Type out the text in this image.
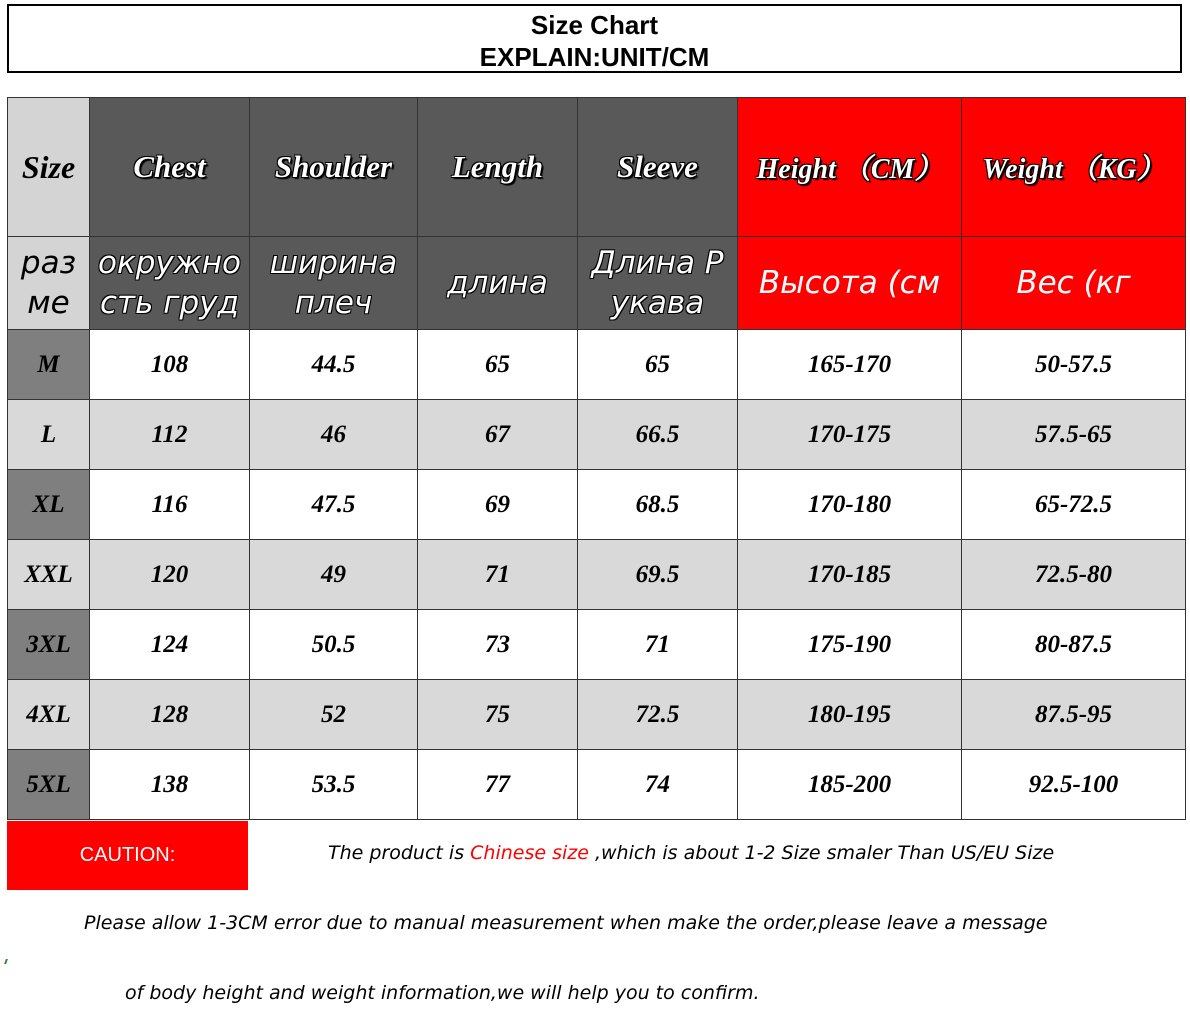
Size Chart
EXPLAIN:UNIT/CM
Size	Chest	Shoulder	Length	Sleeve	Height （CM）	Weight （KG）
раз ме	окружно сть груд	ширина плеч	длина	Длина Р укава	Высота (см	Вес (кг
M	108	44.5	65	65	165-170	50-57.5
L	112	46	67	66.5	170-175	57.5-65
XL	116	47.5	69	68.5	170-180	65-72.5
XXL	120	49	71	69.5	170-185	72.5-80
3XL	124	50.5	73	71	175-190	80-87.5
4XL	128	52	75	72.5	180-195	87.5-95
5XL	138	53.5	77	74	185-200	92.5-100
CAUTION:	The product is Chinese size ,which is about 1-2 Size smaler Than US/EU Size
Please allow 1-3CM error due to manual measurement when make the order,please leave a message
of body height and weight information,we will help you to confirm.
